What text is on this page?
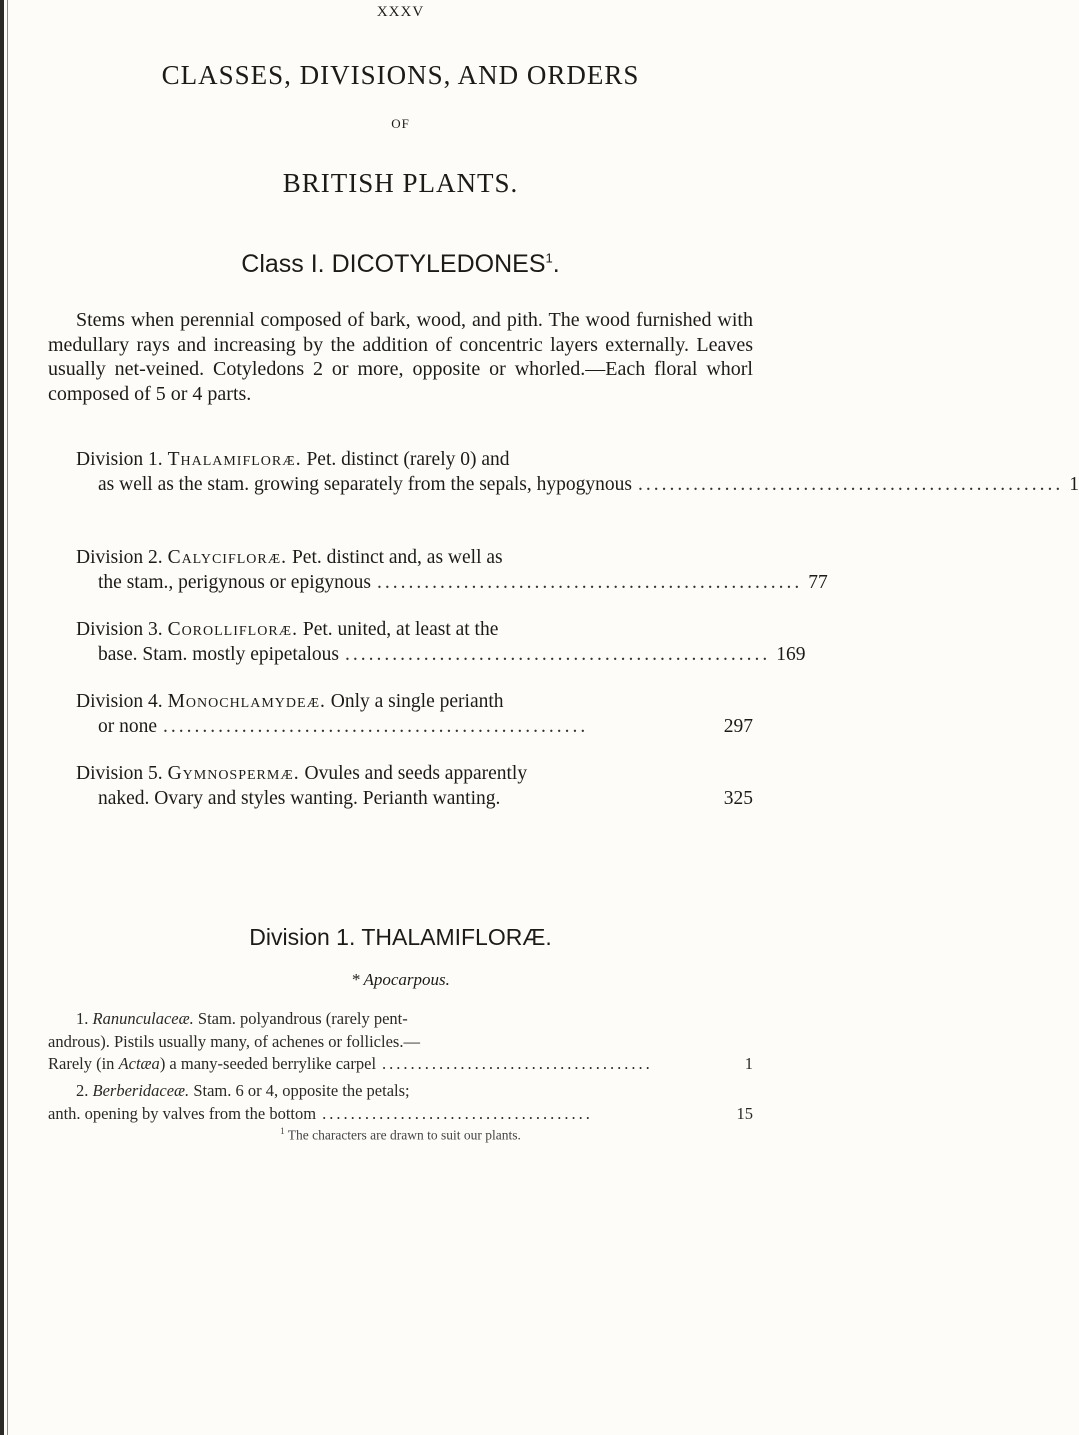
XXXV
CLASSES, DIVISIONS, AND ORDERS
OF
BRITISH PLANTS.
Class I. DICOTYLEDONES$^1$.

Stems when perennial composed of bark, wood, and pith. The wood furnished with medullary rays and increasing by the addition of concentric layers externally. Leaves usually net-veined. Cotyledons 2 or more, opposite or whorled.—Each floral whorl composed of 5 or 4 parts.

Division 1. Thalamifloræ. Pet. distinct (rarely 0) and
as well as the stam. growing separately from the sepals, hypogynous ...................................................... 1
Division 2. Calycifloræ. Pet. distinct and, as well as
the stam., perigynous or epigynous ...................................................... 77
Division 3. Corollifloræ. Pet. united, at least at the
base. Stam. mostly epipetalous ...................................................... 169
Division 4. Monochlamydeæ. Only a single perianth
or none ......................................................	297
Division 5. Gymnospermæ. Ovules and seeds apparently
naked. Ovary and styles wanting. Perianth wanting.	325
Division 1. THALAMIFLORÆ.
* Apocarpous.
1. Ranunculaceæ. Stam. polyandrous (rarely pent-
androus). Pistils usually many, of achenes or follicles.—
Rarely (in Actæa) a many-seeded berrylike carpel ......................................	1
2. Berberidaceæ. Stam. 6 or 4, opposite the petals;
anth. opening by valves from the bottom ......................................	15
$^1$ The characters are drawn to suit our plants.
